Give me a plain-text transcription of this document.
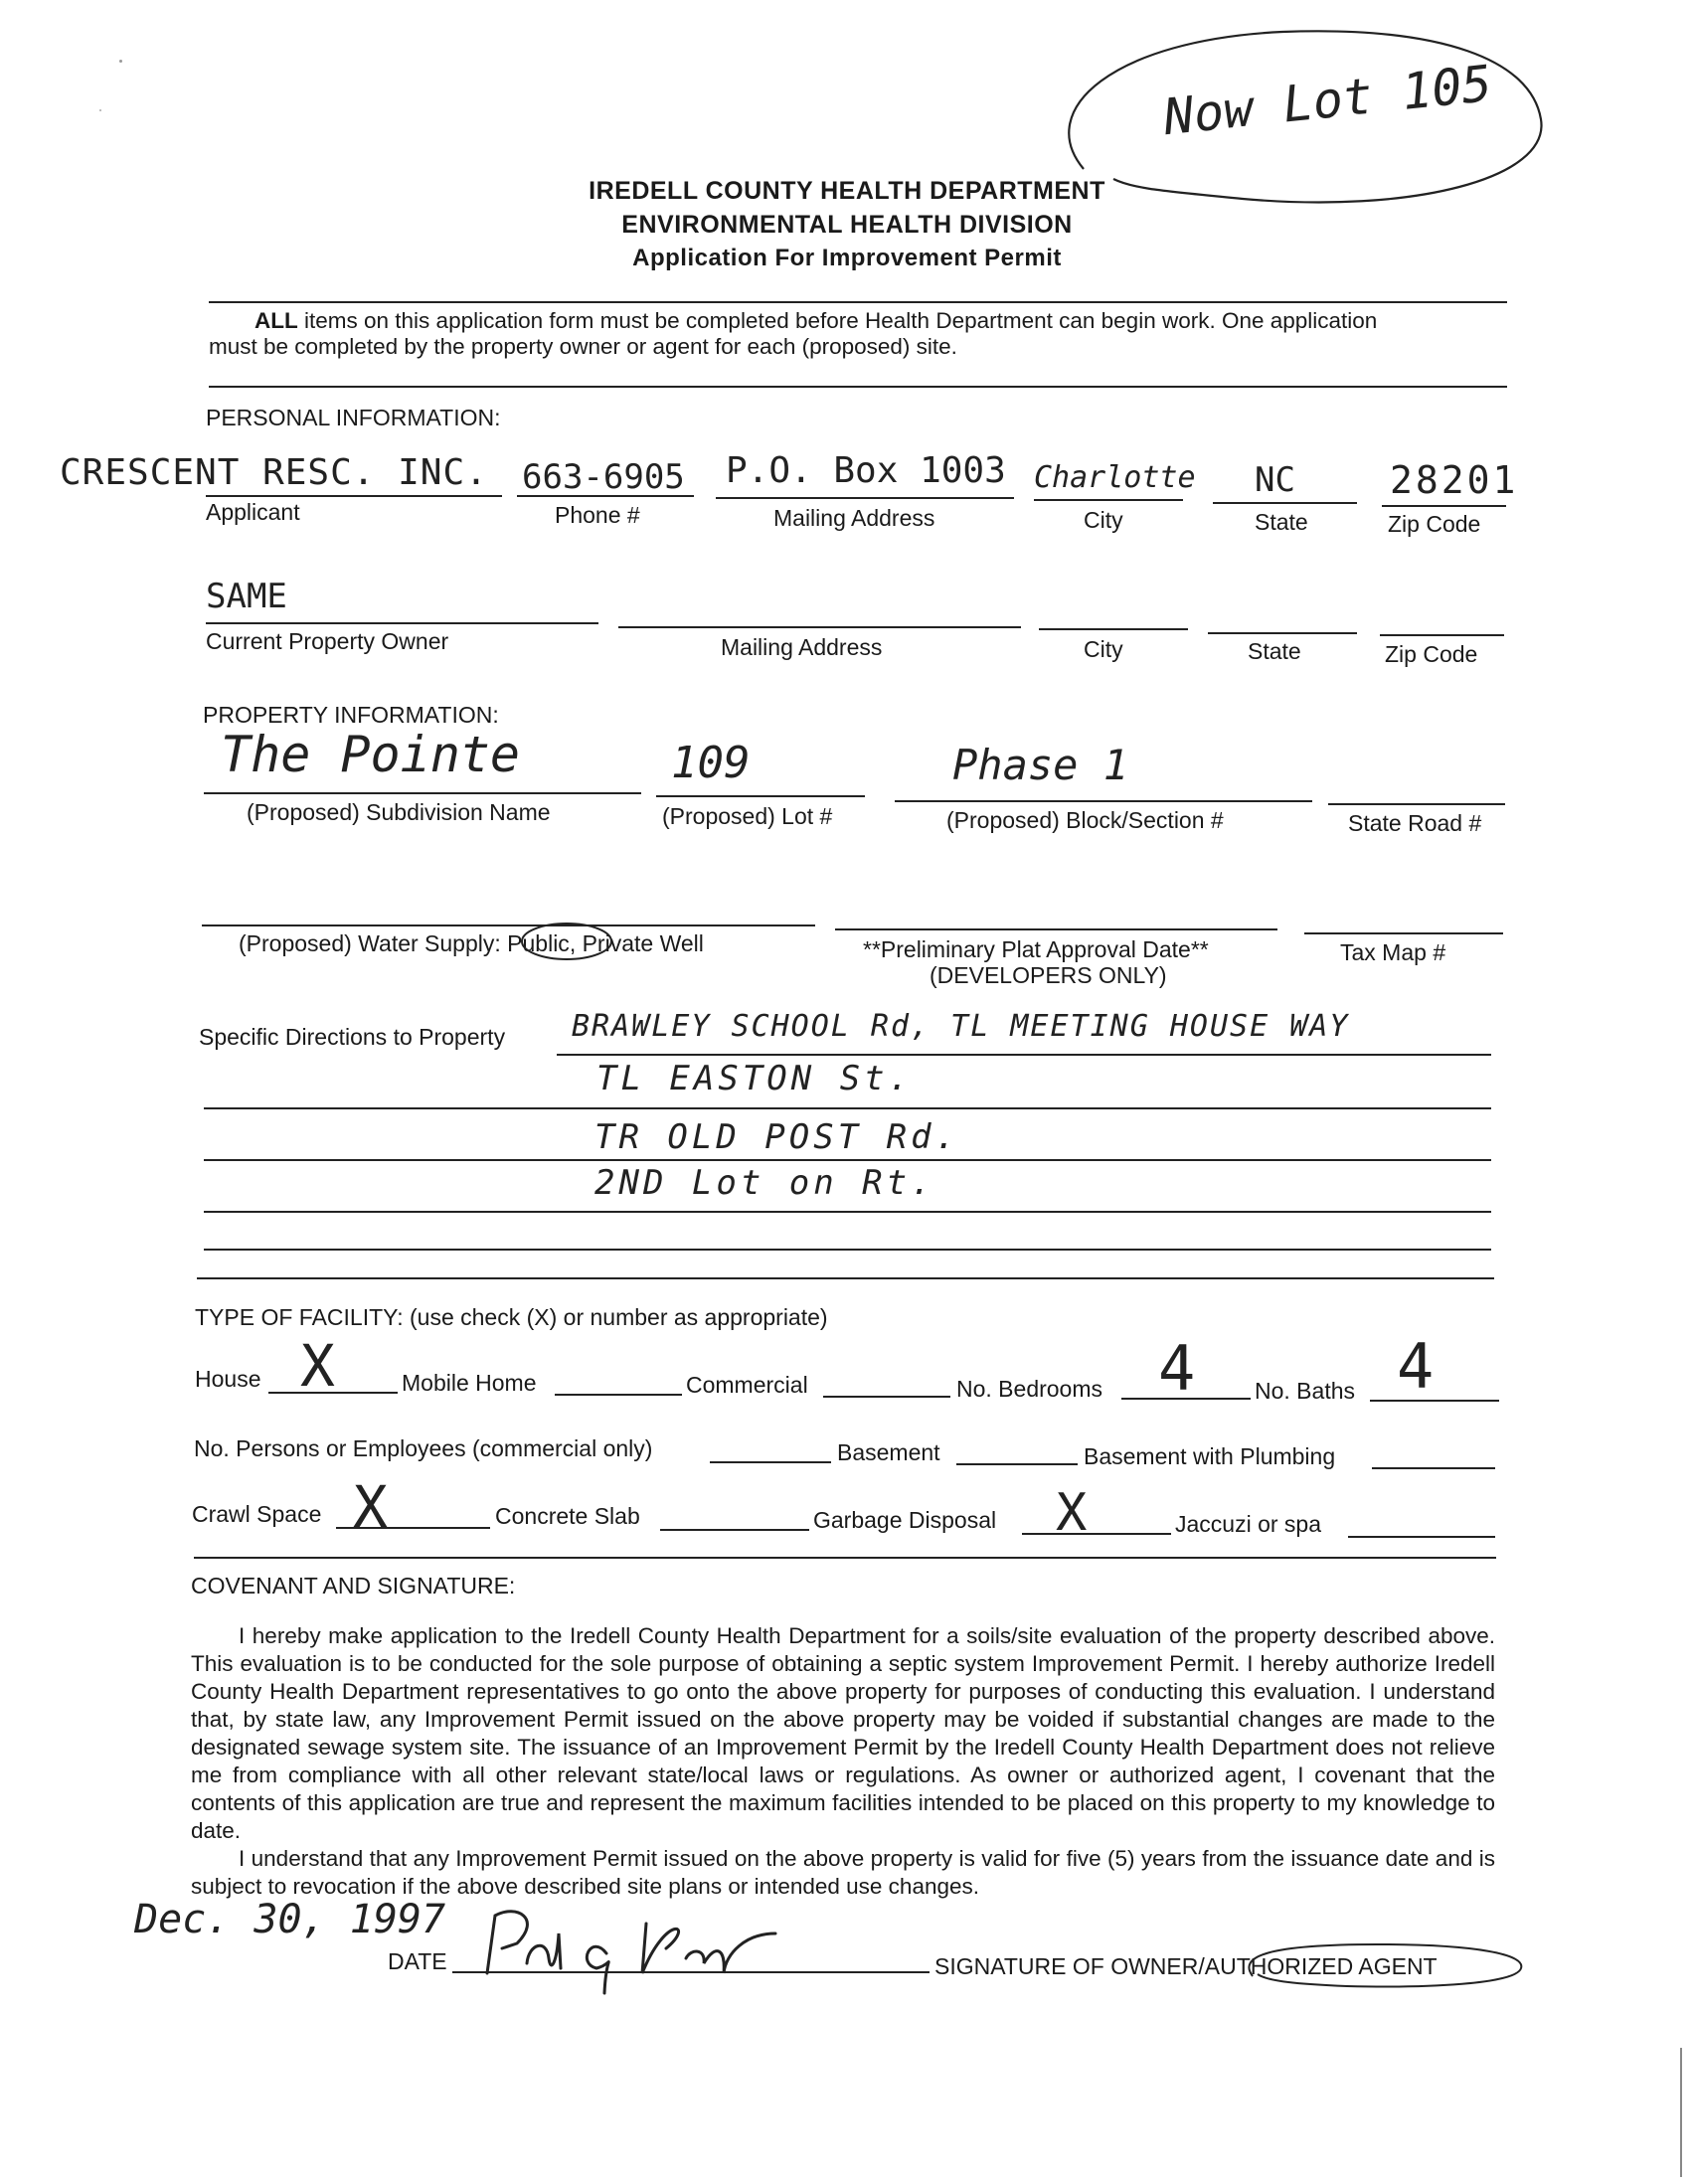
IREDELL COUNTY HEALTH DEPARTMENT
ENVIRONMENTAL HEALTH DIVISION
Application For Improvement Permit
Now Lot 105
ALL items on this application form must be completed before Health Department can begin work. One application
must be completed by the property owner or agent for each (proposed) site.
PERSONAL INFORMATION:
CRESCENT RESC. INC.
Applicant
663-6905
Phone #
P.O. Box 1003
Mailing Address
Charlotte
City
NC
State
28201
Zip Code
SAME
Current Property Owner	Mailing Address	City	State	Zip Code
PROPERTY INFORMATION:
The Pointe
(Proposed) Subdivision Name
109
(Proposed) Lot #
Phase 1
(Proposed) Block/Section #	State Road #
(Proposed) Water Supply: Public, Private Well	**Preliminary Plat Approval Date**
(DEVELOPERS ONLY)
Tax Map #
Specific Directions to Property BRAWLEY SCHOOL Rd, TL MEETING HOUSE WAY
TL EASTON St.
TR OLD POST Rd.
2ND Lot on Rt.
TYPE OF FACILITY: (use check (X) or number as appropriate)
House X	Mobile Home	Commercial	No. Bedrooms 4	No. Baths 4
No. Persons or Employees (commercial only)	Basement	Basement with Plumbing
Crawl Space X	Concrete Slab	Garbage Disposal X	Jaccuzi or spa
COVENANT AND SIGNATURE:

I hereby make application to the Iredell County Health Department for a soils/site evaluation of the property described above. This evaluation is to be conducted for the sole purpose of obtaining a septic system Improvement Permit. I hereby authorize Iredell County Health Department representatives to go onto the above property for purposes of conducting this evaluation. I understand that, by state law, any Improvement Permit issued on the above property may be voided if substantial changes are made to the designated sewage system site. The issuance of an Improvement Permit by the Iredell County Health Department does not relieve me from compliance with all other relevant state/local laws or regulations. As owner or authorized agent, I covenant that the contents of this application are true and represent the maximum facilities intended to be placed on this property to my knowledge to date.

I understand that any Improvement Permit issued on the above property is valid for five (5) years from the issuance date and is subject to revocation if the above described site plans or intended use changes.

Dec. 30, 1997
DATE	SIGNATURE OF OWNER/AUTHORIZED AGENT
